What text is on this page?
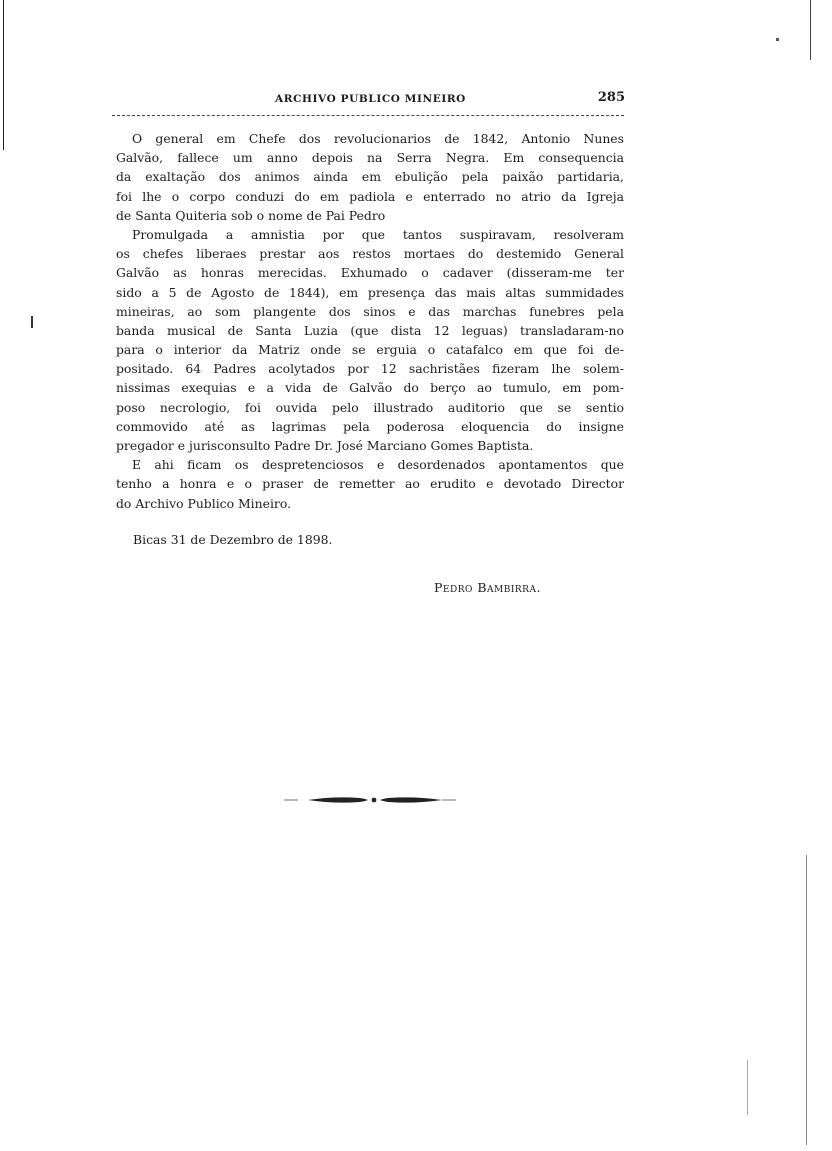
ARCHIVO PUBLICO MINEIRO	285
O general em Chefe dos revolucionarios de 1842, Antonio Nunes
Galvão, fallece um anno depois na Serra Negra. Em consequencia
da exaltação dos animos ainda em ebulição pela paixão partidaria,
foi lhe o corpo conduzi do em padiola e enterrado no atrio da Igreja
de Santa Quiteria sob o nome de Pai Pedro
Promulgada a amnistia por que tantos suspiravam, resolveram
os chefes liberaes prestar aos restos mortaes do destemido General
Galvão as honras merecidas. Exhumado o cadaver (disseram-me ter
sido a 5 de Agosto de 1844), em presença das mais altas summidades
mineiras, ao som plangente dos sinos e das marchas funebres pela
banda musical de Santa Luzia (que dista 12 leguas) transladaram-no
para o interior da Matriz onde se erguia o catafalco em que foi de-
positado. 64 Padres acolytados por 12 sachristães fizeram lhe solem-
nissimas exequias e a vida de Galvão do berço ao tumulo, em pom-
poso necrologio, foi ouvida pelo illustrado auditorio que se sentio
commovido até as lagrimas pela poderosa eloquencia do insigne
pregador e jurisconsulto Padre Dr. José Marciano Gomes Baptista.
E ahi ficam os despretenciosos e desordenados apontamentos que
tenho a honra e o praser de remetter ao erudito e devotado Director
do Archivo Publico Mineiro.
Bicas 31 de Dezembro de 1898.
Pedro Bambirra.
